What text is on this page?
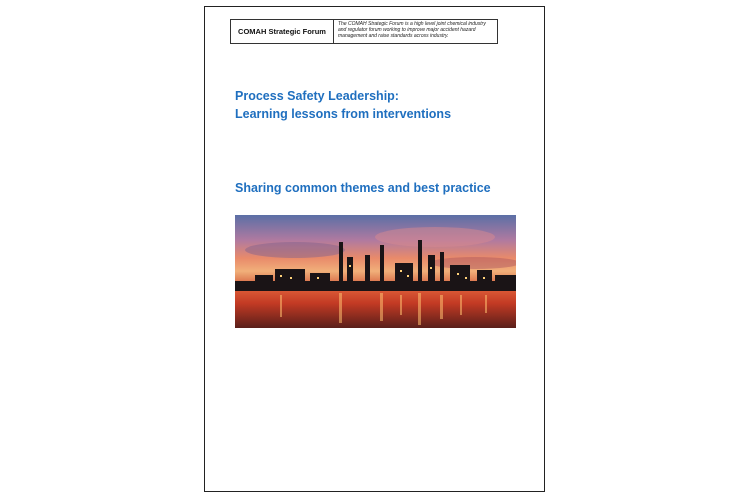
COMAH Strategic Forum
The COMAH Strategic Forum is a high level joint chemical industry and regulator forum working to improve major accident hazard management and raise standards across industry.
Process Safety Leadership:
Learning lessons from interventions
Sharing common themes and best practice
